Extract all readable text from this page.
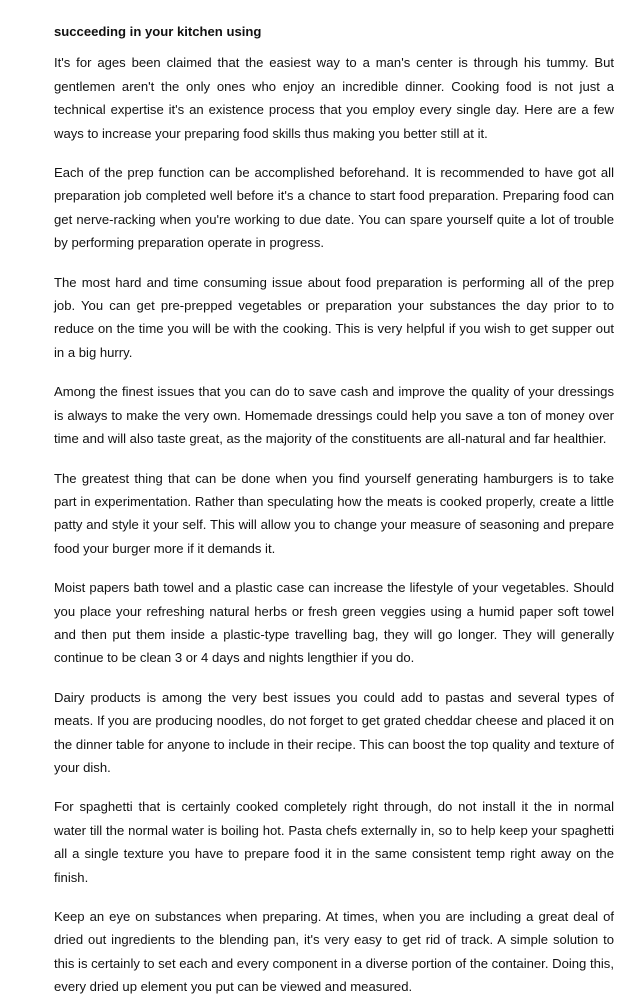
succeeding in your kitchen using

It's for ages been claimed that the easiest way to a man's center is through his tummy. But gentlemen aren't the only ones who enjoy an incredible dinner. Cooking food is not just a technical expertise it's an existence process that you employ every single day. Here are a few ways to increase your preparing food skills thus making you better still at it.

Each of the prep function can be accomplished beforehand. It is recommended to have got all preparation job completed well before it's a chance to start food preparation. Preparing food can get nerve-racking when you're working to due date. You can spare yourself quite a lot of trouble by performing preparation operate in progress.

The most hard and time consuming issue about food preparation is performing all of the prep job. You can get pre-prepped vegetables or preparation your substances the day prior to to reduce on the time you will be with the cooking. This is very helpful if you wish to get supper out in a big hurry.

Among the finest issues that you can do to save cash and improve the quality of your dressings is always to make the very own. Homemade dressings could help you save a ton of money over time and will also taste great, as the majority of the constituents are all-natural and far healthier.

The greatest thing that can be done when you find yourself generating hamburgers is to take part in experimentation. Rather than speculating how the meats is cooked properly, create a little patty and style it your self. This will allow you to change your measure of seasoning and prepare food your burger more if it demands it.

Moist papers bath towel and a plastic case can increase the lifestyle of your vegetables. Should you place your refreshing natural herbs or fresh green veggies using a humid paper soft towel and then put them inside a plastic-type travelling bag, they will go longer. They will generally continue to be clean 3 or 4 days and nights lengthier if you do.

Dairy products is among the very best issues you could add to pastas and several types of meats. If you are producing noodles, do not forget to get grated cheddar cheese and placed it on the dinner table for anyone to include in their recipe. This can boost the top quality and texture of your dish.

For spaghetti that is certainly cooked completely right through, do not install it the in normal water till the normal water is boiling hot. Pasta chefs externally in, so to help keep your spaghetti all a single texture you have to prepare food it in the same consistent temp right away on the finish.

Keep an eye on substances when preparing. At times, when you are including a great deal of dried out ingredients to the blending pan, it's very easy to get rid of track. A simple solution to this is certainly to set each and every component in a diverse portion of the container. Doing this, every dried up element you put can be viewed and measured.
